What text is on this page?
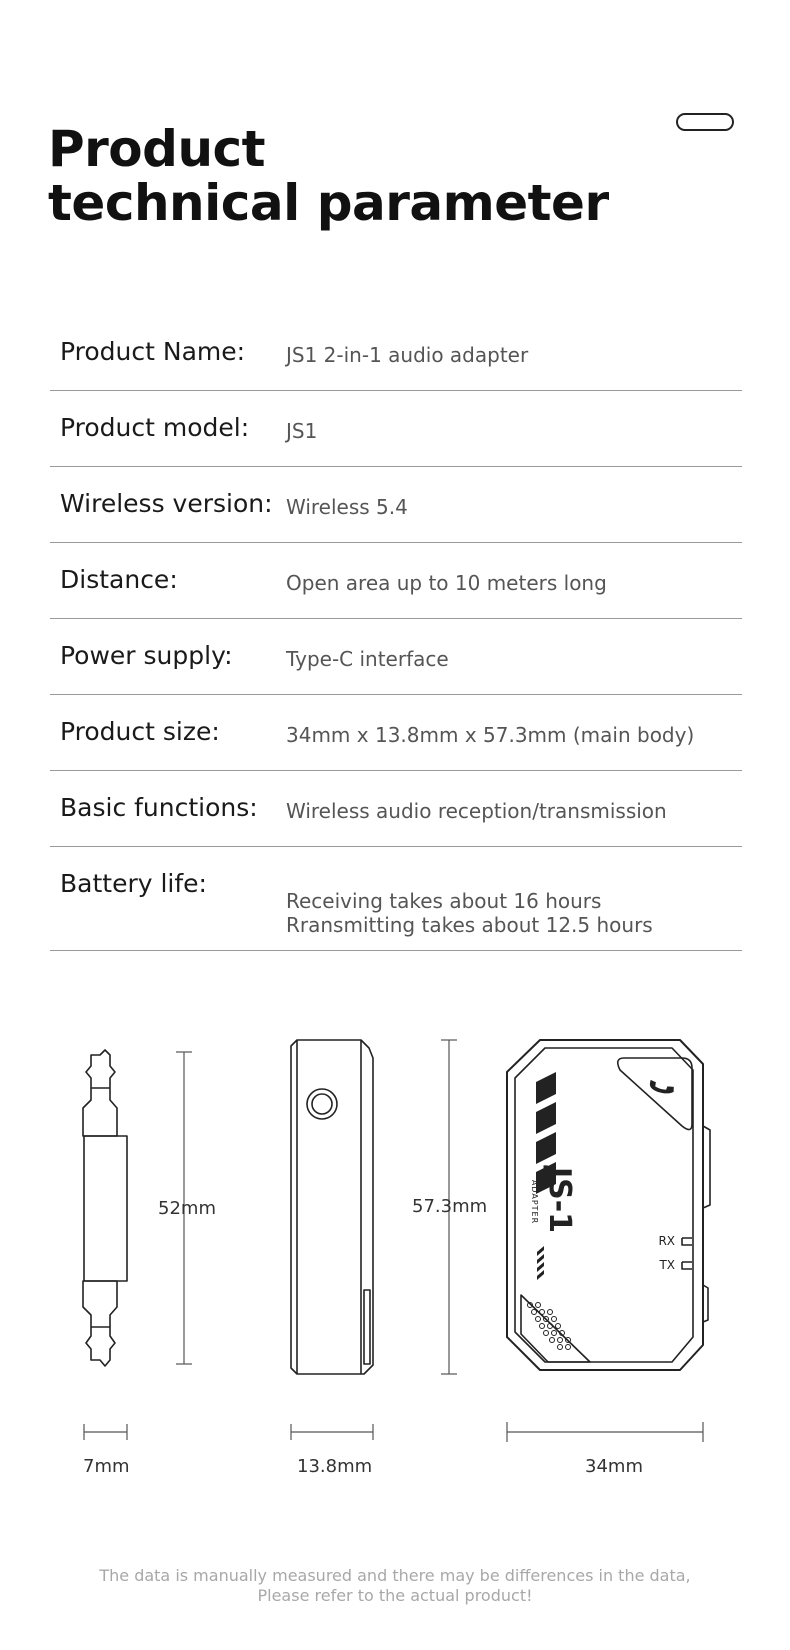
Product
technical parameter
Product Name: JS1 2-in-1 audio adapter
Product model: JS1
Wireless version: Wireless 5.4
Distance:	Open area up to 10 meters long
Power supply:	Type-C interface
Product size:	34mm x 13.8mm x 57.3mm (main body)
Basic functions: Wireless audio reception/transmission
Battery life:
Receiving takes about 16 hours
Rransmitting takes about 12.5 hours
JS-1
ADAPTER
RX
TX
52mm	57.3mm
7mm	13.8mm	34mm
The data is manually measured and there may be differences in the data,
Please refer to the actual product!
